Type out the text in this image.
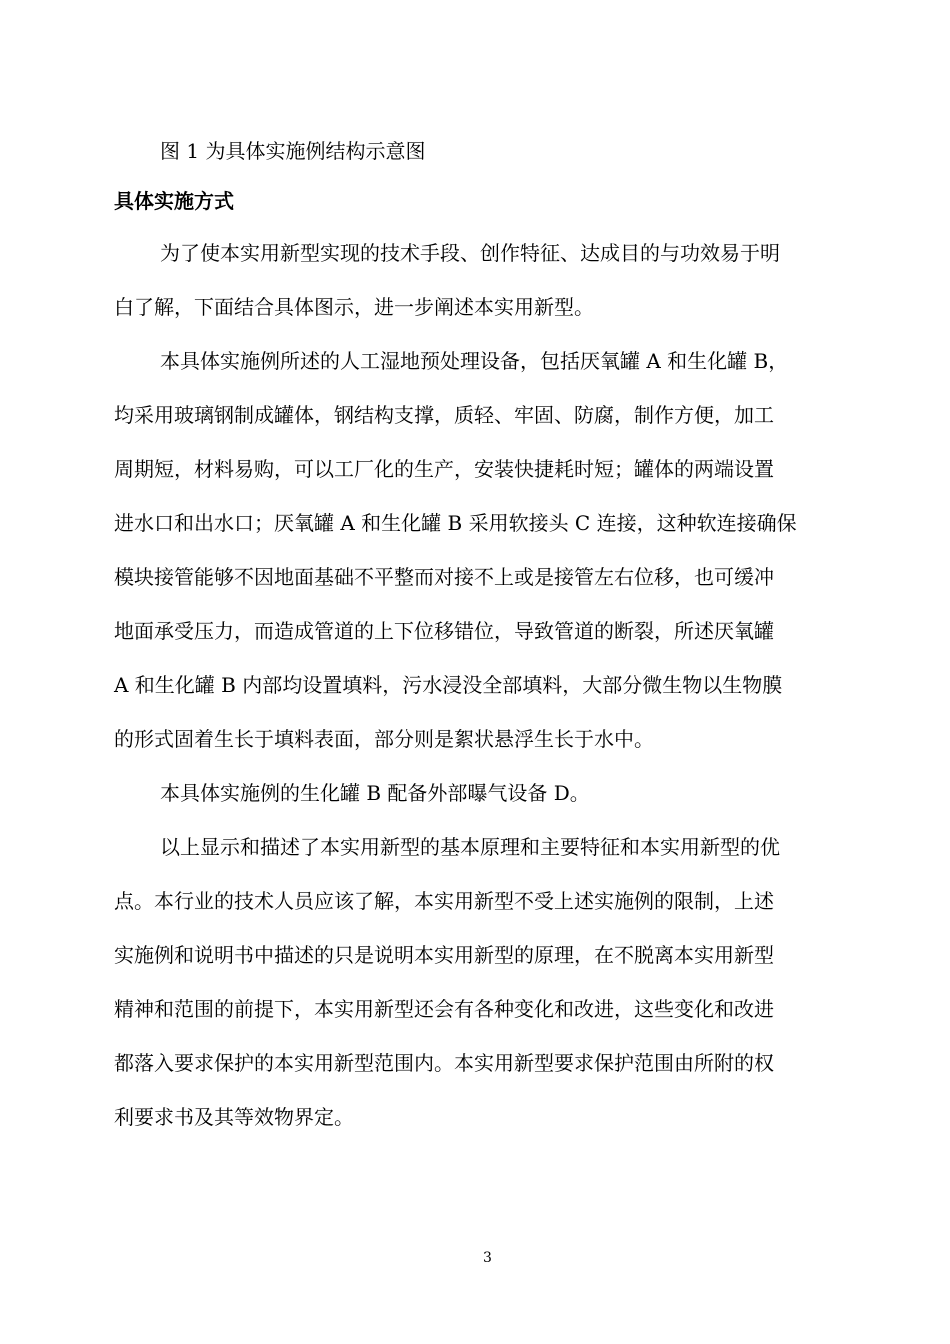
图 1 为具体实施例结构示意图
具体实施方式
为了使本实用新型实现的技术手段、创作特征、达成目的与功效易于明
白了解，下面结合具体图示，进一步阐述本实用新型。
本具体实施例所述的人工湿地预处理设备，包括厌氧罐 A 和生化罐 B，
均采用玻璃钢制成罐体，钢结构支撑，质轻、牢固、防腐，制作方便，加工
周期短，材料易购，可以工厂化的生产，安装快捷耗时短；罐体的两端设置
进水口和出水口；厌氧罐 A 和生化罐 B 采用软接头 C 连接，这种软连接确保
模块接管能够不因地面基础不平整而对接不上或是接管左右位移，也可缓冲
地面承受压力，而造成管道的上下位移错位，导致管道的断裂，所述厌氧罐
A 和生化罐 B 内部均设置填料，污水浸没全部填料，大部分微生物以生物膜
的形式固着生长于填料表面，部分则是絮状悬浮生长于水中。
本具体实施例的生化罐 B 配备外部曝气设备 D。
以上显示和描述了本实用新型的基本原理和主要特征和本实用新型的优
点。本行业的技术人员应该了解，本实用新型不受上述实施例的限制，上述
实施例和说明书中描述的只是说明本实用新型的原理，在不脱离本实用新型
精神和范围的前提下，本实用新型还会有各种变化和改进，这些变化和改进
都落入要求保护的本实用新型范围内。本实用新型要求保护范围由所附的权
利要求书及其等效物界定。
3
